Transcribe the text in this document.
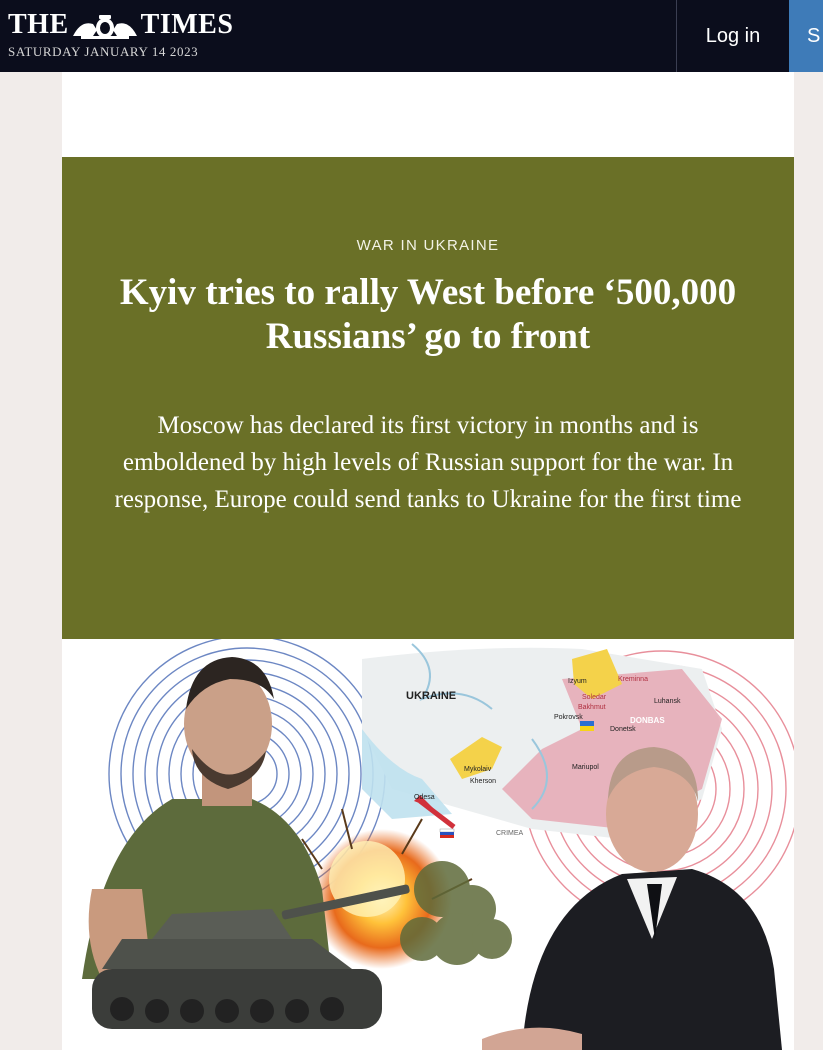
THE	TIMES
SATURDAY JANUARY 14 2023
Log in	S
WAR IN UKRAINE
Kyiv tries to rally West before ‘500,000 Russians’ go to front

Moscow has declared its first victory in months and is emboldened by high levels of Russian support for the war. In response, Europe could send tanks to Ukraine for the first time

UKRAINE
Izyum	Kreminna
Soledar
Bakhmut
Pokrovsk
Luhansk
DONBAS
Donetsk
Mariupol
Mykolaiv
Kherson
Odesa
CRIMEA
